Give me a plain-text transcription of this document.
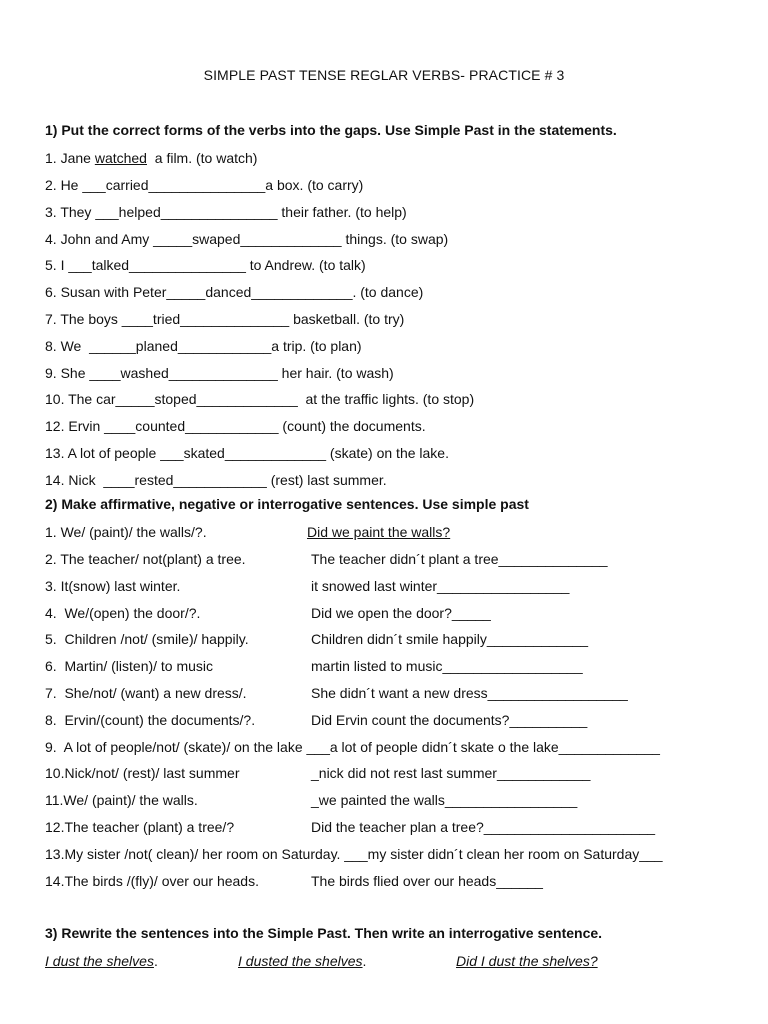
SIMPLE PAST TENSE REGLAR VERBS- PRACTICE # 3
1) Put the correct forms of the verbs into the gaps. Use Simple Past in the statements.
1. Jane watched  a film. (to watch)
2. He ___carried_______________a box. (to carry)
3. They ___helped_______________ their father. (to help)
4. John and Amy _____swaped_____________ things. (to swap)
5. I ___talked_______________ to Andrew. (to talk)
6. Susan with Peter_____danced_____________. (to dance)
7. The boys ____tried______________ basketball. (to try)
8. We  ______planed____________a trip. (to plan)
9. She ____washed______________ her hair. (to wash)
10. The car_____stoped_____________  at the traffic lights. (to stop)
12. Ervin ____counted____________ (count) the documents.
13. A lot of people ___skated_____________ (skate) on the lake.
14. Nick  ____rested____________ (rest) last summer.
2) Make affirmative, negative or interrogative sentences. Use simple past
1. We/ (paint)/ the walls/?.	Did we paint the walls?
2. The teacher/ not(plant) a tree.	The teacher didn´t plant a tree______________
3. It(snow) last winter.	it snowed last winter_________________
4.  We/(open) the door/?.	Did we open the door?_____
5.  Children /not/ (smile)/ happily.	Children didn´t smile happily_____________
6.  Martin/ (listen)/ to music	martin listed to music__________________
7.  She/not/ (want) a new dress/.	She didn´t want a new dress__________________
8.  Ervin/(count) the documents/?.	Did Ervin count the documents?__________
9.  A lot of people/not/ (skate)/ on the lake ___a lot of people didn´t skate o the lake_____________
10.Nick/not/ (rest)/ last summer	_nick did not rest last summer____________
11.We/ (paint)/ the walls.	_we painted the walls_________________
12.The teacher (plant) a tree/?	Did the teacher plan a tree?______________________
13.My sister /not( clean)/ her room on Saturday. ___my sister didn´t clean her room on Saturday___
14.The birds /(fly)/ over our heads.	The birds flied over our heads______
3) Rewrite the sentences into the Simple Past. Then write an interrogative sentence.
I dust the shelves.	I dusted the shelves.	Did I dust the shelves?
